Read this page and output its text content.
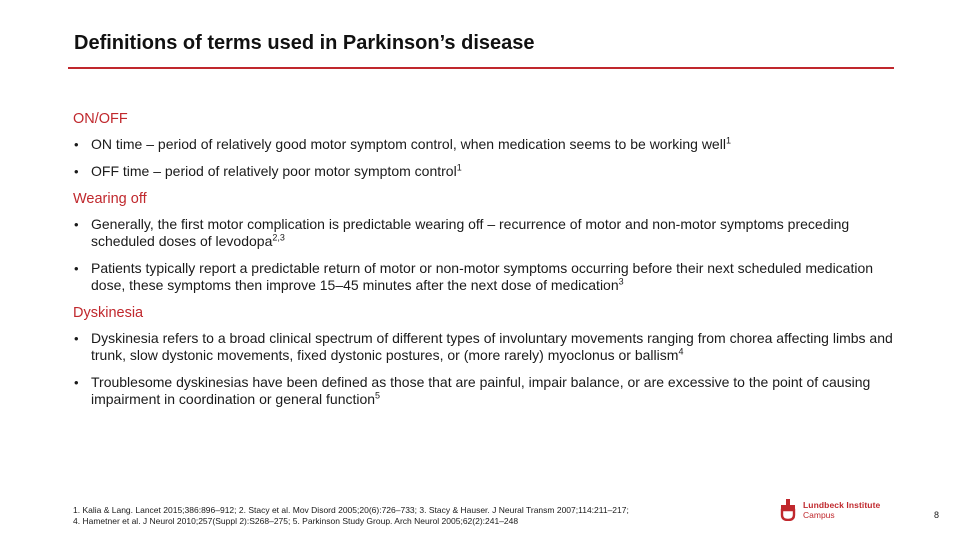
Definitions of terms used in Parkinson’s disease
ON/OFF
• ON time – period of relatively good motor symptom control, when medication seems to be working well$^1$
• OFF time – period of relatively poor motor symptom control$^1$
Wearing off
• Generally, the first motor complication is predictable wearing off – recurrence of motor and non-motor symptoms preceding scheduled doses of levodopa$^{2,3}$
• Patients typically report a predictable return of motor or non-motor symptoms occurring before their next scheduled medication dose, these symptoms then improve 15–45 minutes after the next dose of medication$^3$
Dyskinesia
• Dyskinesia refers to a broad clinical spectrum of different types of involuntary movements ranging from chorea affecting limbs and trunk, slow dystonic movements, fixed dystonic postures, or (more rarely) myoclonus or ballism$^4$
• Troublesome dyskinesias have been defined as those that are painful, impair balance, or are excessive to the point of causing impairment in coordination or general function$^5$
1. Kalia & Lang. Lancet 2015;386:896–912; 2. Stacy et al. Mov Disord 2005;20(6):726–733; 3. Stacy & Hauser. J Neural Transm 2007;114:211–217;
4. Hametner et al. J Neurol 2010;257(Suppl 2):S268–275; 5. Parkinson Study Group. Arch Neurol 2005;62(2):241–248
Lundbeck Institute
Campus	8
